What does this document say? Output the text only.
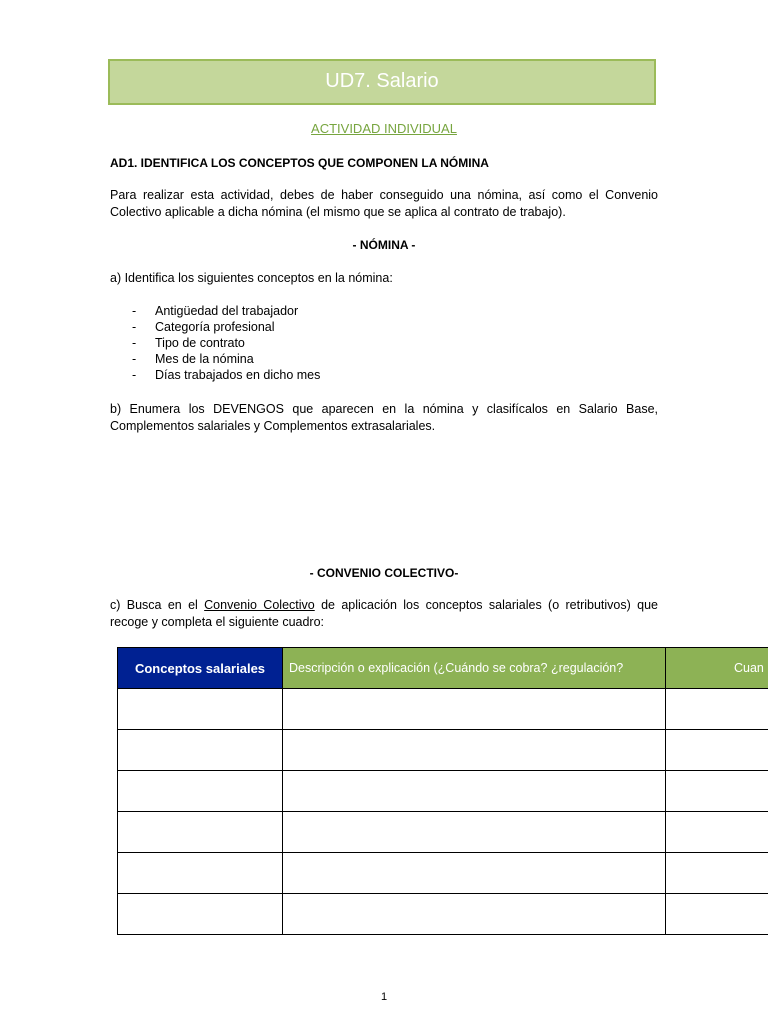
UD7. Salario
ACTIVIDAD INDIVIDUAL
AD1. IDENTIFICA LOS CONCEPTOS QUE COMPONEN LA NÓMINA
Para realizar esta actividad, debes de haber conseguido una nómina, así como el Convenio Colectivo aplicable a dicha nómina (el mismo que se aplica al contrato de trabajo).
- NÓMINA -
a) Identifica los siguientes conceptos en la nómina:
- Antigüedad del trabajador
- Categoría profesional
- Tipo de contrato
- Mes de la nómina
- Días trabajados en dicho mes
b) Enumera los DEVENGOS que aparecen en la nómina y clasifícalos en Salario Base, Complementos salariales y Complementos extrasalariales.
- CONVENIO COLECTIVO-
c) Busca en el Convenio Colectivo de aplicación los conceptos salariales (o retributivos) que recoge y completa el siguiente cuadro:
Conceptos salariales	Descripción o explicación (¿Cuándo se cobra? ¿regulación?	Cuan

1
